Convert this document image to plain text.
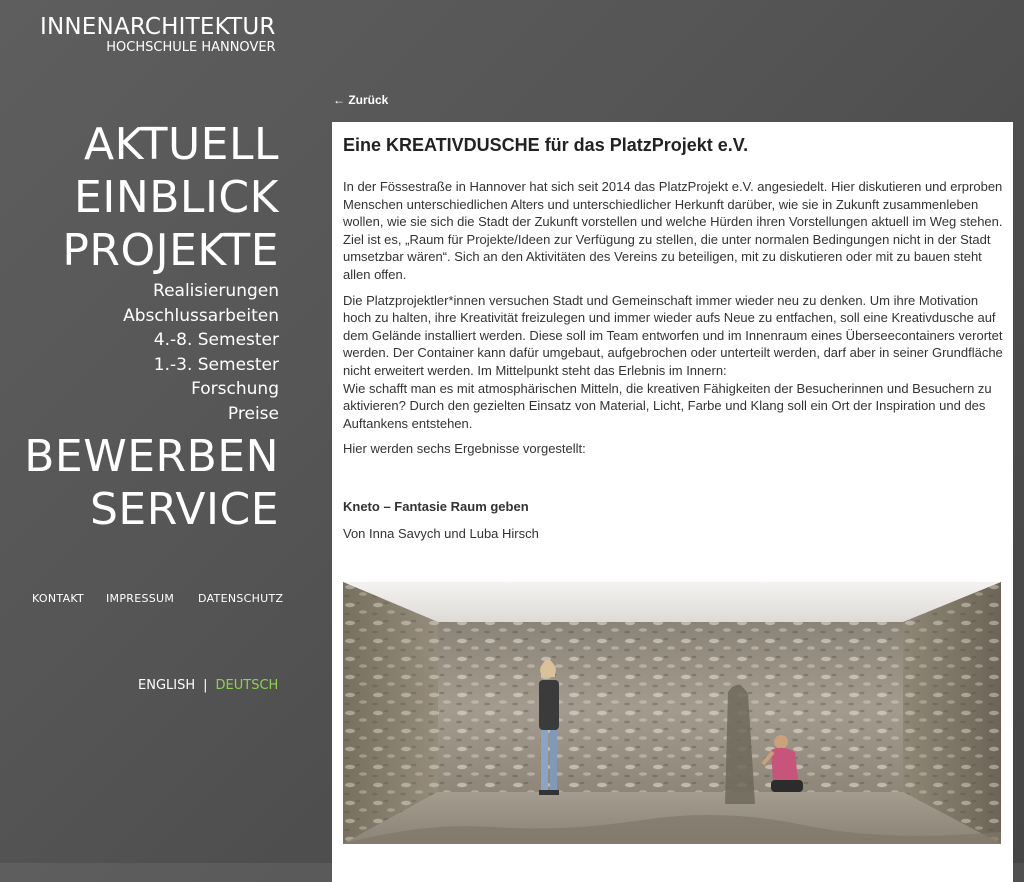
INNENARCHITEKTUR
HOCHSCHULE HANNOVER
AKTUELL
EINBLICK
PROJEKTE
Realisierungen
Abschlussarbeiten
4.-8. Semester
1.-3. Semester
Forschung
Preise
BEWERBEN
SERVICE
KONTAKT IMPRESSUM DATENSCHUTZ
ENGLISH | DEUTSCH
← Zurück
Eine KREATIVDUSCHE für das PlatzProjekt e.V.

In der Fössestraße in Hannover hat sich seit 2014 das PlatzProjekt e.V. angesiedelt. Hier diskutieren und erproben Menschen unterschiedlichen Alters und unterschiedlicher Herkunft darüber, wie sie in Zukunft zusammenleben wollen, wie sie sich die Stadt der Zukunft vorstellen und welche Hürden ihren Vorstellungen aktuell im Weg stehen. Ziel ist es, „Raum für Projekte/Ideen zur Verfügung zu stellen, die unter normalen Bedingungen nicht in der Stadt umsetzbar wären“. Sich an den Aktivitäten des Vereins zu beteiligen, mit zu diskutieren oder mit zu bauen steht allen offen.

Die Platzprojektler*innen versuchen Stadt und Gemeinschaft immer wieder neu zu denken. Um ihre Motivation hoch zu halten, ihre Kreativität freizulegen und immer wieder aufs Neue zu entfachen, soll eine Kreativdusche auf dem Gelände installiert werden. Diese soll im Team entworfen und im Innenraum eines Überseecontainers verortet werden. Der Container kann dafür umgebaut, aufgebrochen oder unterteilt werden, darf aber in seiner Grundfläche nicht erweitert werden. Im Mittelpunkt steht das Erlebnis im Innern:

Wie schafft man es mit atmosphärischen Mitteln, die kreativen Fähigkeiten der Besucherinnen und Besuchern zu aktivieren? Durch den gezielten Einsatz von Material, Licht, Farbe und Klang soll ein Ort der Inspiration und des Auftankens entstehen.

Hier werden sechs Ergebnisse vorgestellt:

Kneto – Fantasie Raum geben

Von Inna Savych und Luba Hirsch
